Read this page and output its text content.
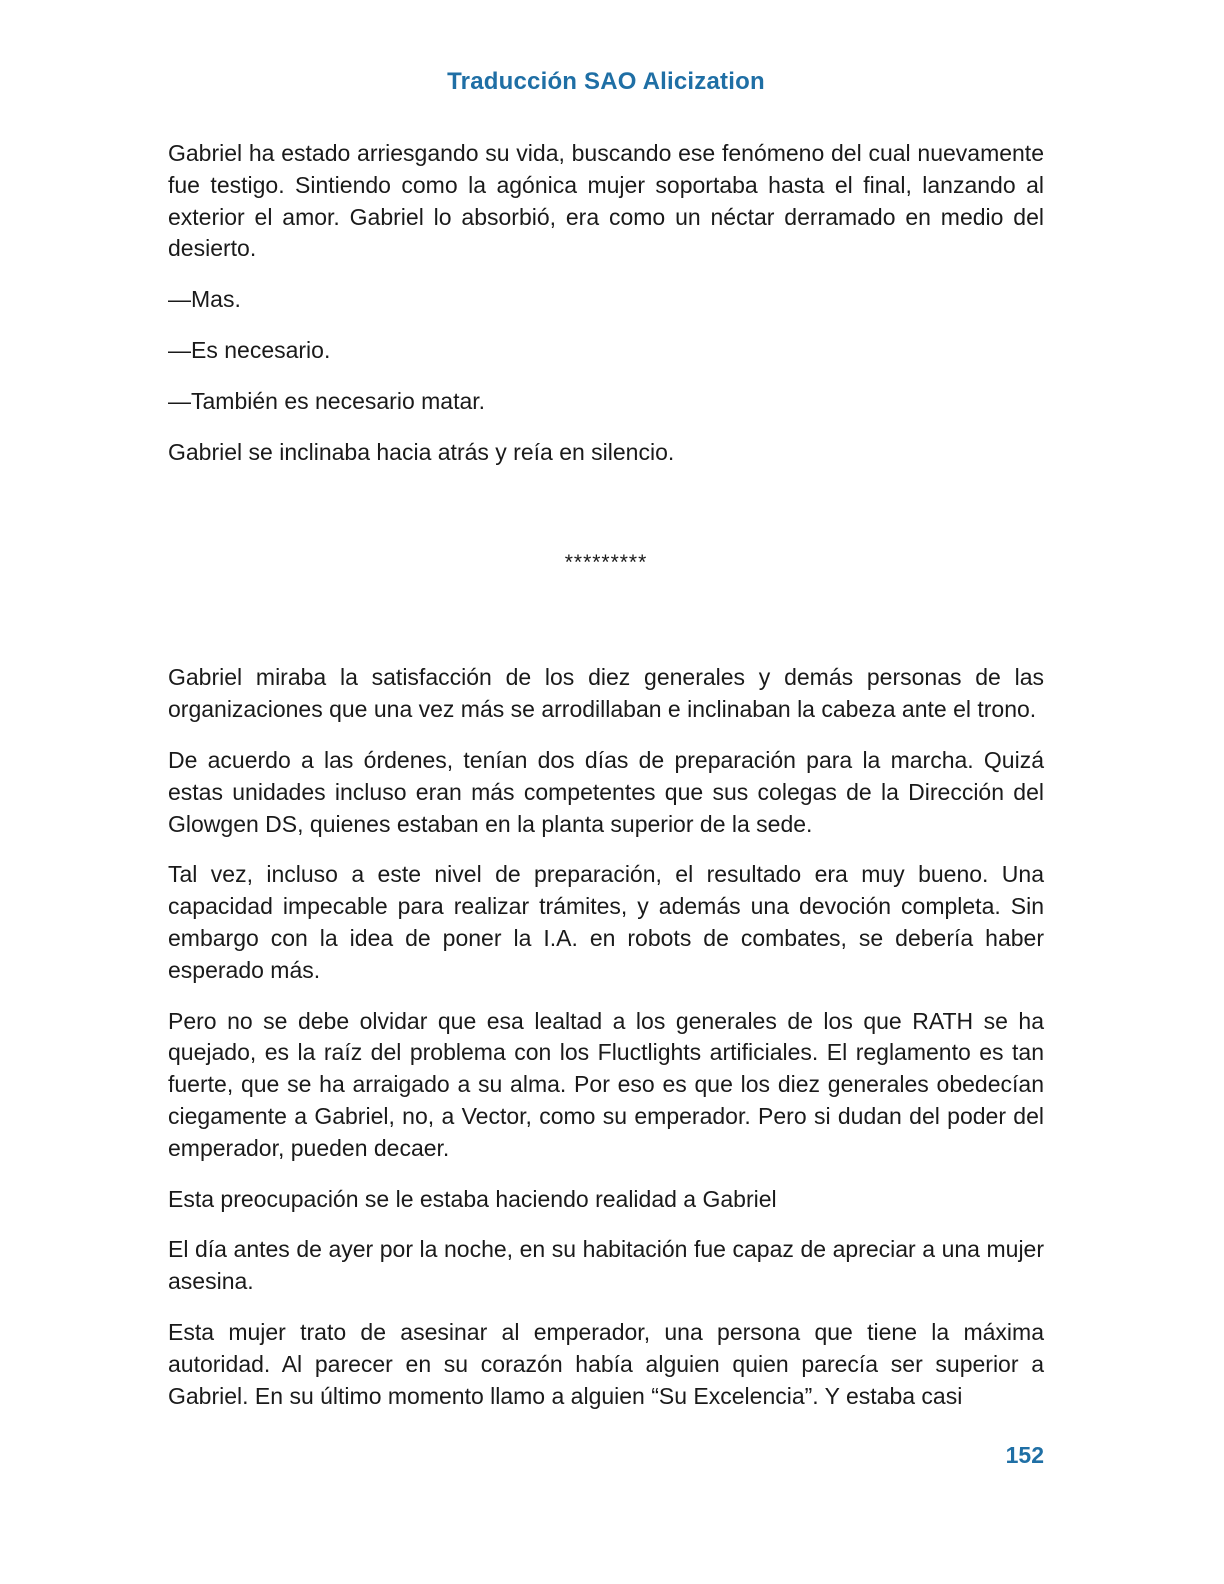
Traducción SAO Alicization

Gabriel ha estado arriesgando su vida, buscando ese fenómeno del cual nuevamente fue testigo. Sintiendo como la agónica mujer soportaba hasta el final, lanzando al exterior el amor. Gabriel lo absorbió, era como un néctar derramado en medio del desierto.

—Mas.

—Es necesario.

—También es necesario matar.

Gabriel se inclinaba hacia atrás y reía en silencio.

*********

Gabriel miraba la satisfacción de los diez generales y demás personas de las organizaciones que una vez más se arrodillaban e inclinaban la cabeza ante el trono.

De acuerdo a las órdenes, tenían dos días de preparación para la marcha. Quizá estas unidades incluso eran más competentes que sus colegas de la Dirección del Glowgen DS, quienes estaban en la planta superior de la sede.

Tal vez, incluso a este nivel de preparación, el resultado era muy bueno. Una capacidad impecable para realizar trámites, y además una devoción completa. Sin embargo con la idea de poner la I.A. en robots de combates, se debería haber esperado más.

Pero no se debe olvidar que esa lealtad a los generales de los que RATH se ha quejado, es la raíz del problema con los Fluctlights artificiales. El reglamento es tan fuerte, que se ha arraigado a su alma. Por eso es que los diez generales obedecían ciegamente a Gabriel, no, a Vector, como su emperador. Pero si dudan del poder del emperador, pueden decaer.

Esta preocupación se le estaba haciendo realidad a Gabriel

El día antes de ayer por la noche, en su habitación fue capaz de apreciar a una mujer asesina.

Esta mujer trato de asesinar al emperador, una persona que tiene la máxima autoridad. Al parecer en su corazón había alguien quien parecía ser superior a Gabriel. En su último momento llamo a alguien “Su Excelencia”. Y estaba casi

152
